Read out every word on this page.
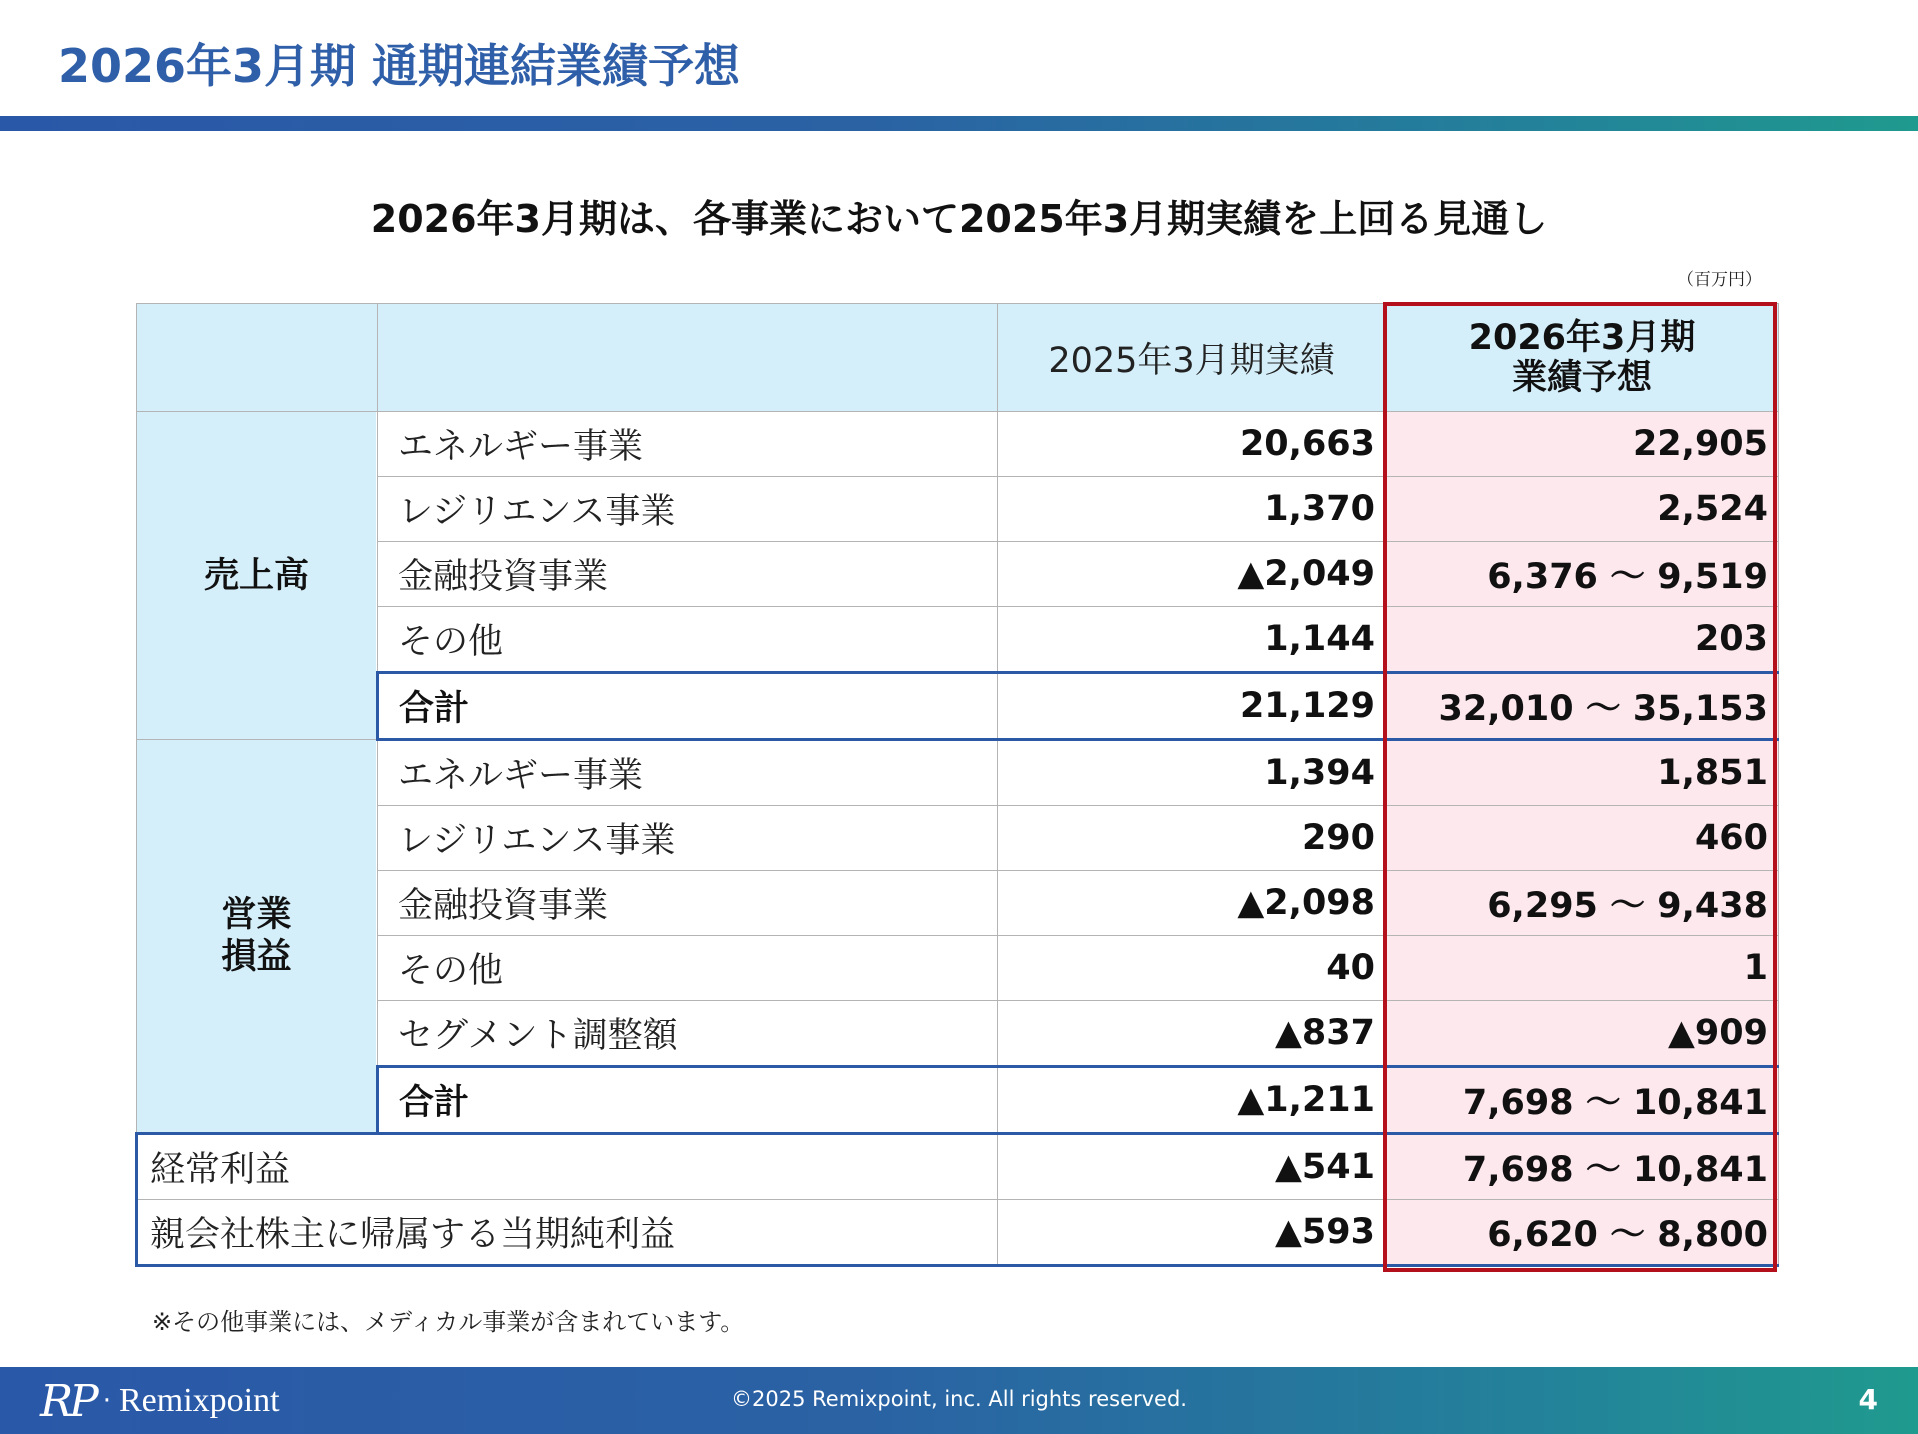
2026年3月期 通期連結業績予想
2026年3月期は、各事業において2025年3月期実績を上回る見通し
（百万円）
		2025年3月期実績	2026年3月期
業績予想
売上高	エネルギー事業	20,663	22,905
	レジリエンス事業	1,370	2,524
	金融投資事業	▲2,049	6,376 ～ 9,519
	その他	1,144	203
	合計	21,129	32,010 ～ 35,153
営業
損益	エネルギー事業	1,394	1,851
	レジリエンス事業	290	460
	金融投資事業	▲2,098	6,295 ～ 9,438
	その他	40	1
	セグメント調整額	▲837	▲909
	合計	▲1,211	7,698 ～ 10,841
経常利益		▲541	7,698 ～ 10,841
親会社株主に帰属する当期純利益		▲593	6,620 ～ 8,800
※その他事業には、メディカル事業が含まれています。
RP · Remixpoint	©2025 Remixpoint, inc. All rights reserved.	4
